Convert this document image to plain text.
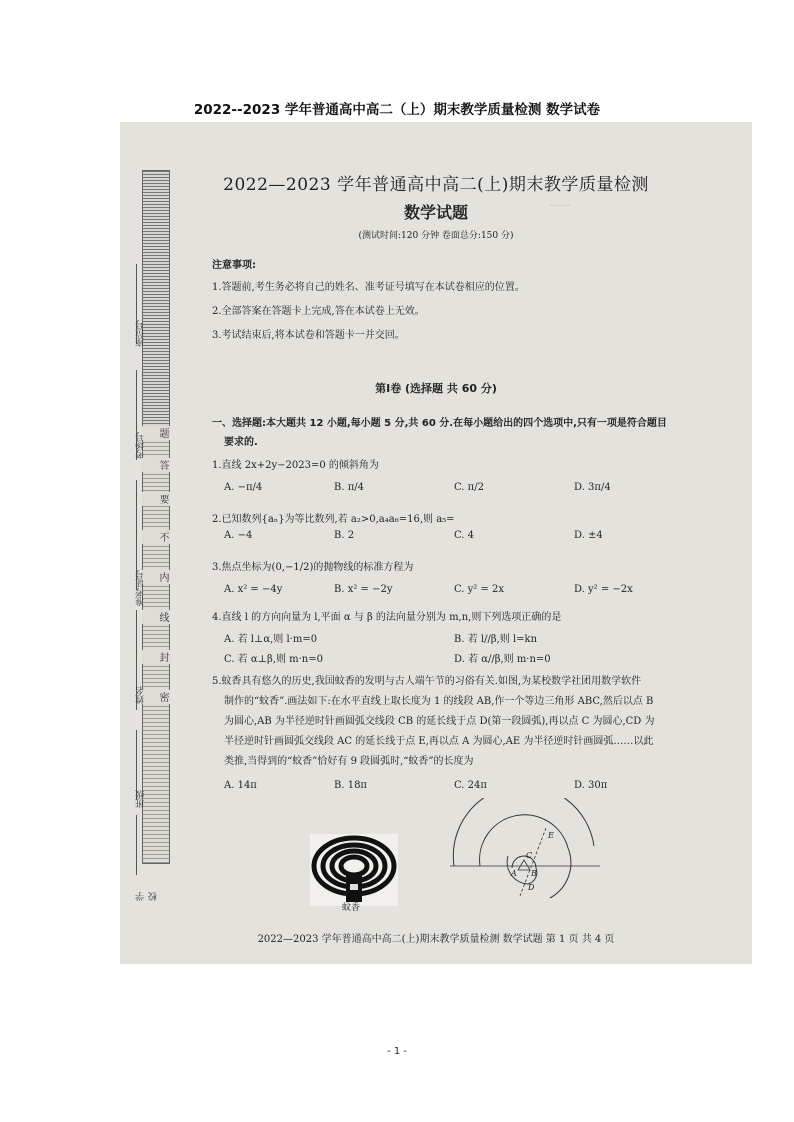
2022--2023 学年普通高中高二（上）期末教学质量检测 数学试卷
……
题
答
要
不
内
线
封
密
座位号
考场号
准考证号
姓名
班级
学校
2022—2023 学年普通高中高二(上)期末教学质量检测
数学试题
(测试时间:120 分钟 卷面总分:150 分)
注意事项:
1.答题前,考生务必将自己的姓名、准考证号填写在本试卷相应的位置。
2.全部答案在答题卡上完成,答在本试卷上无效。
3.考试结束后,将本试卷和答题卡一并交回。
第Ⅰ卷 (选择题 共 60 分)
一、选择题:本大题共 12 小题,每小题 5 分,共 60 分.在每小题给出的四个选项中,只有一项是符合题目
要求的.
1.直线 2x+2y−2023=0 的倾斜角为
A. −π/4	B. π/4	C. π/2	D. 3π/4
2.已知数列{aₙ}为等比数列,若 a₂>0,a₄a₆=16,则 a₅=
A. −4	B. 2	C. 4	D. ±4
3.焦点坐标为(0,−1/2)的抛物线的标准方程为
A. x² = −4y	B. x² = −2y	C. y² = 2x	D. y² = −2x
4.直线 l 的方向向量为 l,平面 α 与 β 的法向量分别为 m,n,则下列选项正确的是
A. 若 l⊥α,则 l·m=0	B. 若 l//β,则 l=kn
C. 若 α⊥β,则 m·n=0	D. 若 α//β,则 m·n=0
5.蚊香具有悠久的历史,我国蚊香的发明与古人端午节的习俗有关.如图,为某校数学社团用数学软件
制作的“蚊香”.画法如下:在水平直线上取长度为 1 的线段 AB,作一个等边三角形 ABC,然后以点 B
为圆心,AB 为半径逆时针画圆弧交线段 CB 的延长线于点 D(第一段圆弧),再以点 C 为圆心,CD 为
半径逆时针画圆弧交线段 AC 的延长线于点 E,再以点 A 为圆心,AE 为半径逆时针画圆弧……以此
类推,当得到的“蚊香”恰好有 9 段圆弧时,“蚊香”的长度为
A. 14π	B. 18π	C. 24π	D. 30π
蚊香
A B
C
D
E
2022—2023 学年普通高中高二(上)期末教学质量检测 数学试题 第 1 页 共 4 页
- 1 -
